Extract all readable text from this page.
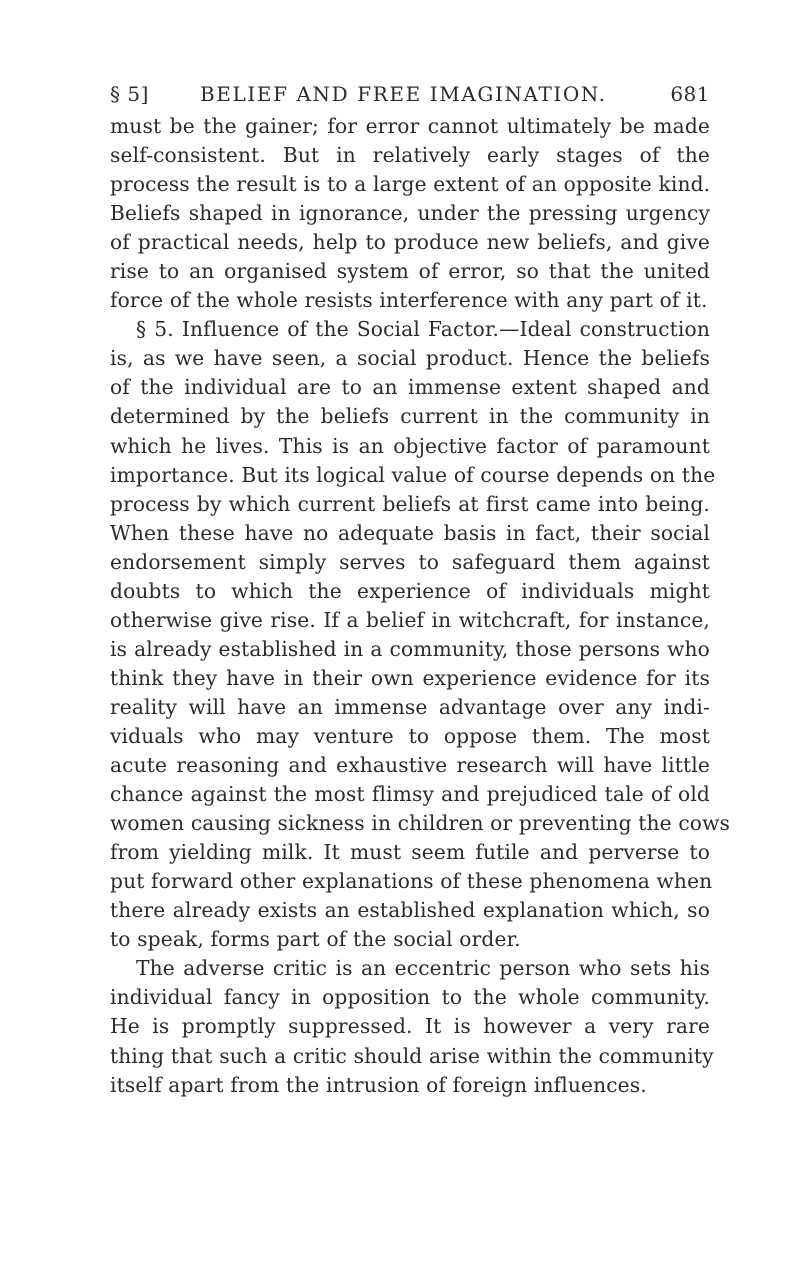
§ 5]	BELIEF AND FREE IMAGINATION.	681
must be the gainer; for error cannot ultimately be made
self-consistent. But in relatively early stages of the
process the result is to a large extent of an opposite kind.
Beliefs shaped in ignorance, under the pressing urgency
of practical needs, help to produce new beliefs, and give
rise to an organised system of error, so that the united
force of the whole resists interference with any part of it.
§ 5. Influence of the Social Factor.—Ideal construction
is, as we have seen, a social product. Hence the beliefs
of the individual are to an immense extent shaped and
determined by the beliefs current in the community in
which he lives. This is an objective factor of paramount
importance. But its logical value of course depends on the
process by which current beliefs at first came into being.
When these have no adequate basis in fact, their social
endorsement simply serves to safeguard them against
doubts to which the experience of individuals might
otherwise give rise. If a belief in witchcraft, for instance,
is already established in a community, those persons who
think they have in their own experience evidence for its
reality will have an immense advantage over any indi-
viduals who may venture to oppose them. The most
acute reasoning and exhaustive research will have little
chance against the most flimsy and prejudiced tale of old
women causing sickness in children or preventing the cows
from yielding milk. It must seem futile and perverse to
put forward other explanations of these phenomena when
there already exists an established explanation which, so
to speak, forms part of the social order.
The adverse critic is an eccentric person who sets his
individual fancy in opposition to the whole community.
He is promptly suppressed. It is however a very rare
thing that such a critic should arise within the community
itself apart from the intrusion of foreign influences.
